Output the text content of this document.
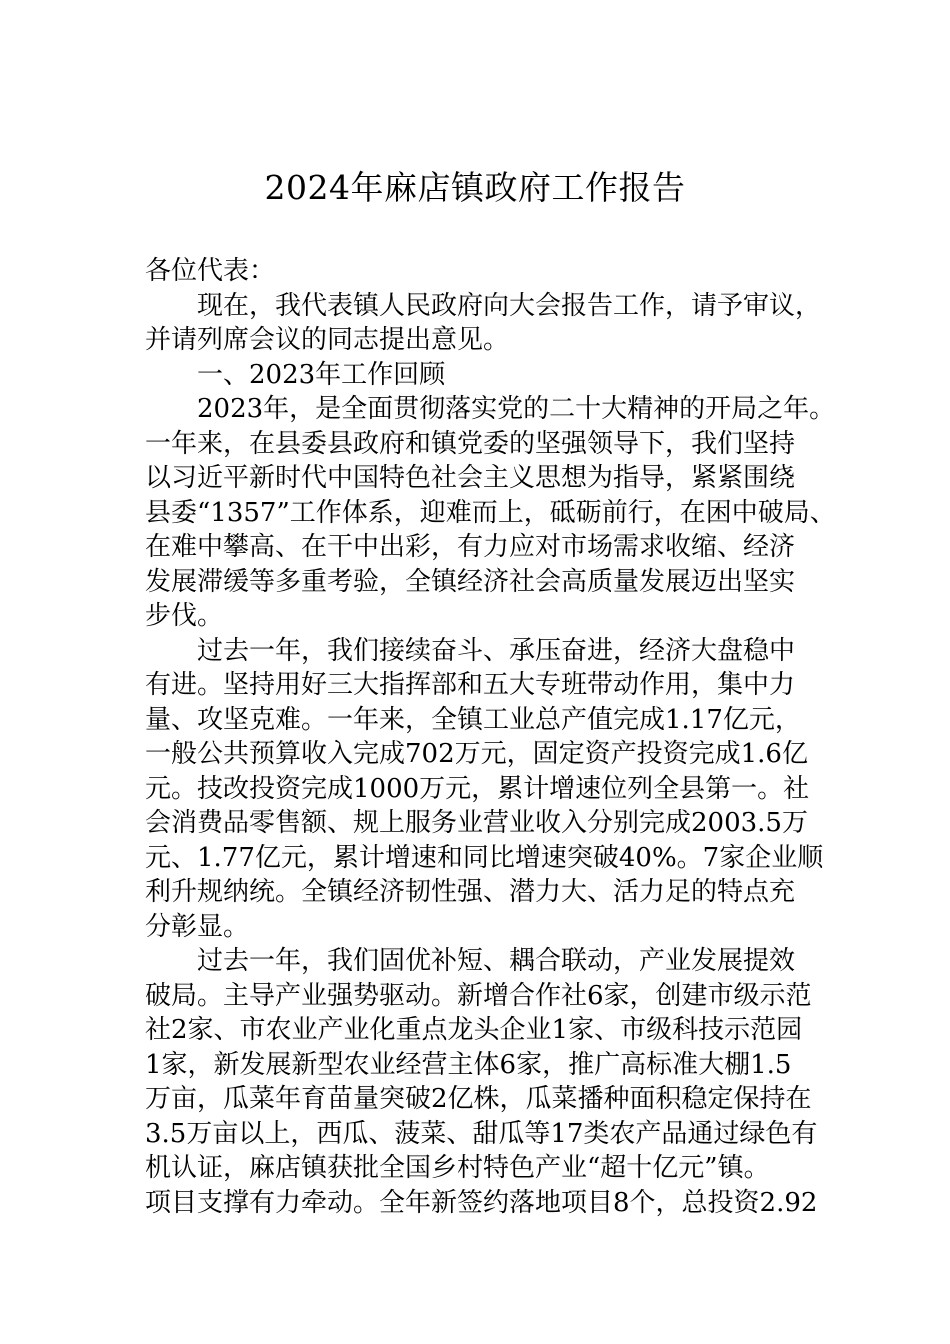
2024年麻店镇政府工作报告
各位代表：
现在，我代表镇人民政府向大会报告工作，请予审议，
并请列席会议的同志提出意见。
一、2023年工作回顾
2023年，是全面贯彻落实党的二十大精神的开局之年。
一年来，在县委县政府和镇党委的坚强领导下，我们坚持
以习近平新时代中国特色社会主义思想为指导，紧紧围绕
县委“1357”工作体系，迎难而上，砥砺前行，在困中破局、
在难中攀高、在干中出彩，有力应对市场需求收缩、经济
发展滞缓等多重考验，全镇经济社会高质量发展迈出坚实
步伐。
过去一年，我们接续奋斗、承压奋进，经济大盘稳中
有进。坚持用好三大指挥部和五大专班带动作用，集中力
量、攻坚克难。一年来，全镇工业总产值完成1.17亿元，
一般公共预算收入完成702万元，固定资产投资完成1.6亿
元。技改投资完成1000万元，累计增速位列全县第一。社
会消费品零售额、规上服务业营业收入分别完成2003.5万
元、1.77亿元，累计增速和同比增速突破40%。7家企业顺
利升规纳统。全镇经济韧性强、潜力大、活力足的特点充
分彰显。
过去一年，我们固优补短、耦合联动，产业发展提效
破局。主导产业强势驱动。新增合作社6家，创建市级示范
社2家、市农业产业化重点龙头企业1家、市级科技示范园
1家，新发展新型农业经营主体6家，推广高标准大棚1.5
万亩，瓜菜年育苗量突破2亿株，瓜菜播种面积稳定保持在
3.5万亩以上，西瓜、菠菜、甜瓜等17类农产品通过绿色有
机认证，麻店镇获批全国乡村特色产业“超十亿元”镇。
项目支撑有力牵动。全年新签约落地项目8个，总投资2.92
